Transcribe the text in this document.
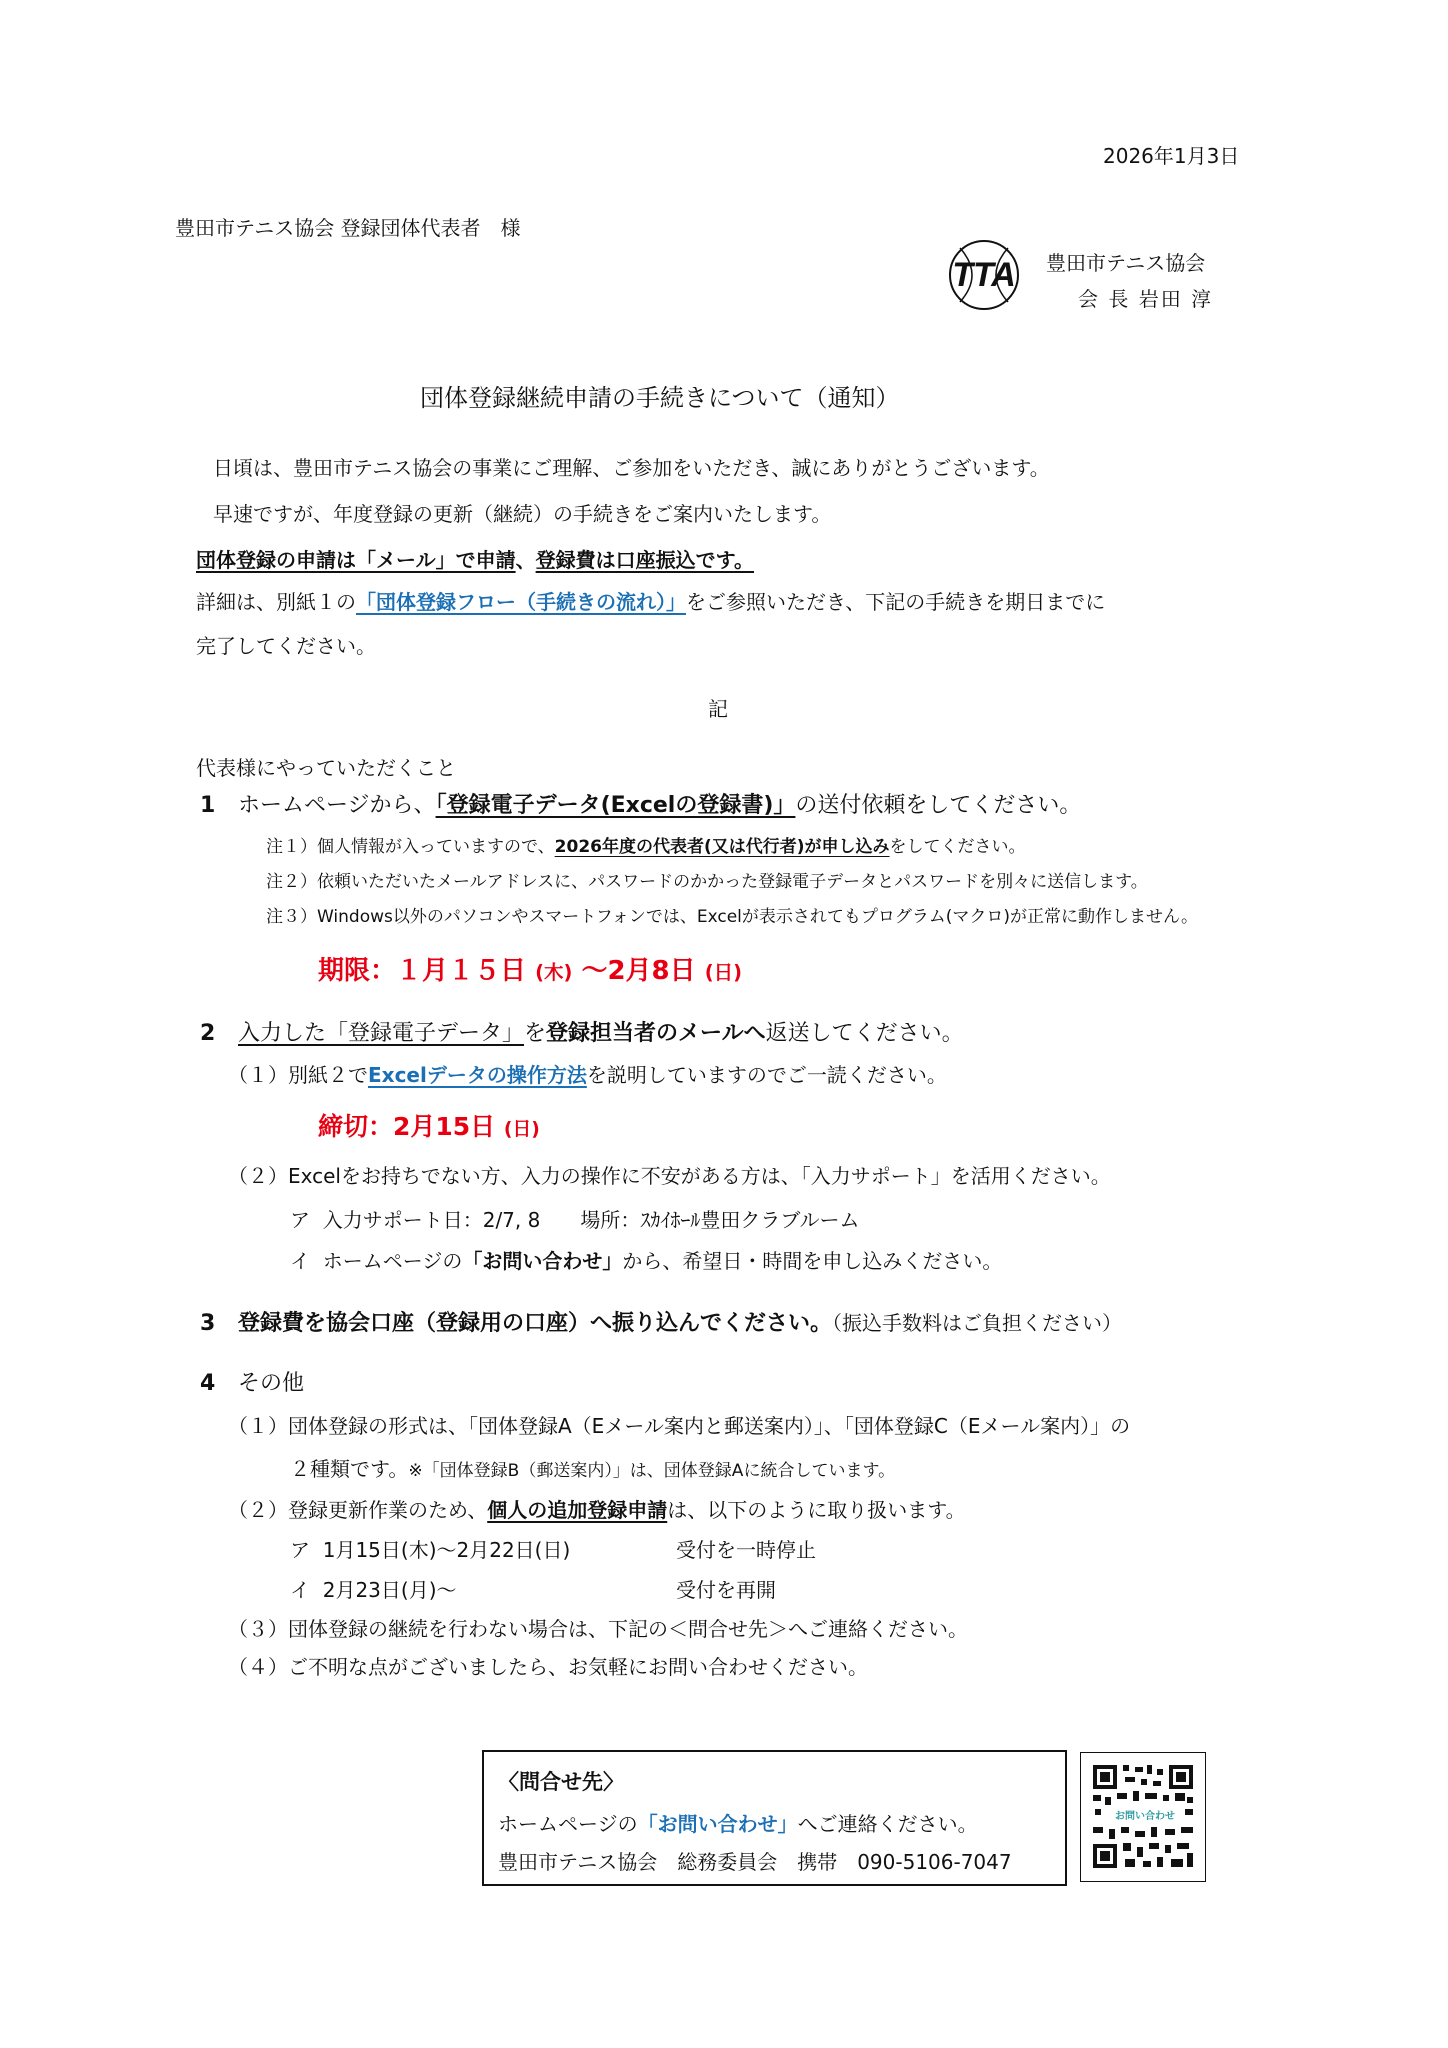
2026年1月3日
豊田市テニス協会 登録団体代表者　様
TTA 豊田市テニス協会
会 長 岩田 淳
団体登録継続申請の手続きについて（通知）
日頃は、豊田市テニス協会の事業にご理解、ご参加をいただき、誠にありがとうございます。
早速ですが、年度登録の更新（継続）の手続きをご案内いたします。
団体登録の申請は「メール」で申請、登録費は口座振込です。
詳細は、別紙１の「団体登録フロー（手続きの流れ）」をご参照いただき、下記の手続きを期日までに
完了してください。
記
代表様にやっていただくこと
1 ホームページから、「登録電子データ(Excelの登録書)」の送付依頼をしてください。
注１）個人情報が入っていますので、2026年度の代表者(又は代行者)が申し込みをしてください。
注２）依頼いただいたメールアドレスに、パスワードのかかった登録電子データとパスワードを別々に送信します。
注３）Windows以外のパソコンやスマートフォンでは、Excelが表示されてもプログラム(マクロ)が正常に動作しません。
期限：１月１５日 (木) ～2月8日 (日)
2 入力した「登録電子データ」を登録担当者のメールへ返送してください。
（１）別紙２でExcelデータの操作方法を説明していますのでご一読ください。
締切：2月15日 (日)
（２）Excelをお持ちでない方、入力の操作に不安がある方は、「入力サポート」を活用ください。
ア 入力サポート日：2/7, 8　　場所：ｽｶｲﾎｰﾙ豊田クラブルーム
イ ホームページの「お問い合わせ」から、希望日・時間を申し込みください。
3 登録費を協会口座（登録用の口座）へ振り込んでください。（振込手数料はご負担ください）
4 その他
（１）団体登録の形式は、「団体登録A（Eメール案内と郵送案内）」、「団体登録C（Eメール案内）」の
２種類です。※「団体登録B（郵送案内）」は、団体登録Aに統合しています。
（２）登録更新作業のため、個人の追加登録申請は、以下のように取り扱います。
ア 1月15日(木)～2月22日(日)	受付を一時停止
イ 2月23日(月)～	受付を再開
（３）団体登録の継続を行わない場合は、下記の＜問合せ先＞へご連絡ください。
（４）ご不明な点がございましたら、お気軽にお問い合わせください。
〈問合せ先〉
ホームページの「お問い合わせ」へご連絡ください。
豊田市テニス協会　総務委員会　携帯　090-5106-7047
お問い合わせ
